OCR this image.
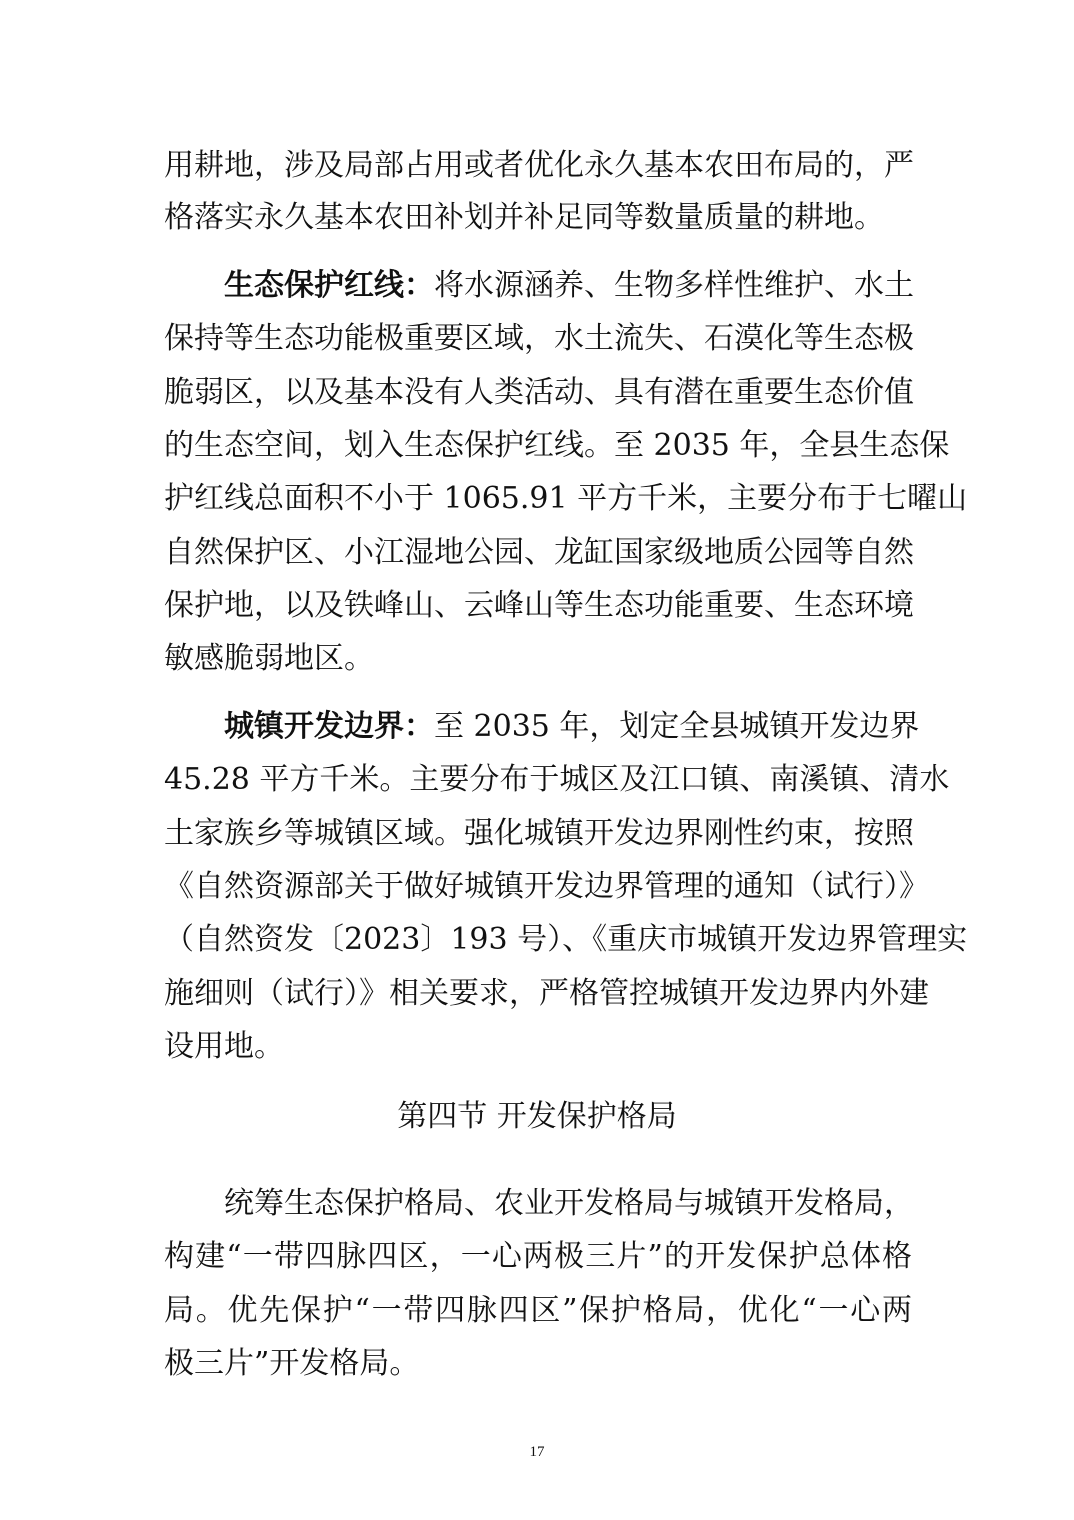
用耕地，涉及局部占用或者优化永久基本农田布局的，严
格落实永久基本农田补划并补足同等数量质量的耕地。
生态保护红线：将水源涵养、生物多样性维护、水土
保持等生态功能极重要区域，水土流失、石漠化等生态极
脆弱区，以及基本没有人类活动、具有潜在重要生态价值
的生态空间，划入生态保护红线。至 2035 年，全县生态保
护红线总面积不小于 1065.91 平方千米，主要分布于七曜山
自然保护区、小江湿地公园、龙缸国家级地质公园等自然
保护地，以及铁峰山、云峰山等生态功能重要、生态环境
敏感脆弱地区。
城镇开发边界：至 2035 年，划定全县城镇开发边界
45.28 平方千米。主要分布于城区及江口镇、南溪镇、清水
土家族乡等城镇区域。强化城镇开发边界刚性约束，按照
《自然资源部关于做好城镇开发边界管理的通知（试行）》
（自然资发〔2023〕193 号）、《重庆市城镇开发边界管理实
施细则（试行）》相关要求，严格管控城镇开发边界内外建
设用地。
第四节 开发保护格局
统筹生态保护格局、农业开发格局与城镇开发格局，
构建“一带四脉四区，一心两极三片”的开发保护总体格
局。优先保护“一带四脉四区”保护格局，优化“一心两
极三片”开发格局。
17
